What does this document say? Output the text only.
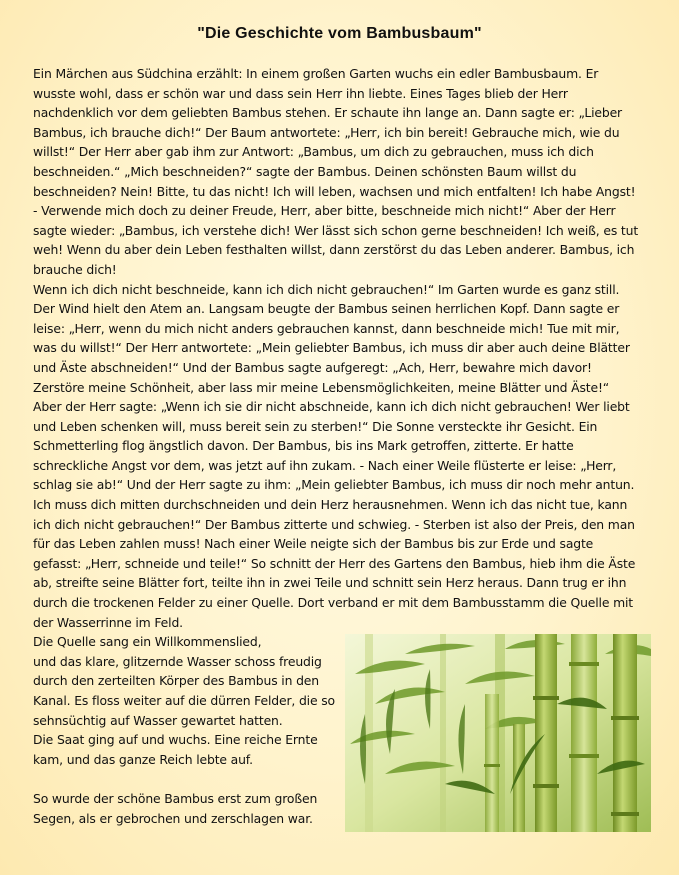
"Die Geschichte vom Bambusbaum"

Ein Märchen aus Südchina erzählt: In einem großen Garten wuchs ein edler Bambusbaum. Er wusste wohl, dass er schön war und dass sein Herr ihn liebte. Eines Tages blieb der Herr nachdenklich vor dem geliebten Bambus stehen. Er schaute ihn lange an. Dann sagte er: „Lieber Bambus, ich brauche dich!“ Der Baum antwortete: „Herr, ich bin bereit! Gebrauche mich, wie du willst!“ Der Herr aber gab ihm zur Antwort: „Bambus, um dich zu gebrauchen, muss ich dich beschneiden.“ „Mich beschneiden?“ sagte der Bambus. Deinen schönsten Baum willst du beschneiden? Nein! Bitte, tu das nicht! Ich will leben, wachsen und mich entfalten! Ich habe Angst! - Verwende mich doch zu deiner Freude, Herr, aber bitte, beschneide mich nicht!“ Aber der Herr sagte wieder: „Bambus, ich verstehe dich! Wer lässt sich schon gerne beschneiden! Ich weiß, es tut weh! Wenn du aber dein Leben festhalten willst, dann zerstörst du das Leben anderer. Bambus, ich brauche dich!

Wenn ich dich nicht beschneide, kann ich dich nicht gebrauchen!“ Im Garten wurde es ganz still. Der Wind hielt den Atem an. Langsam beugte der Bambus seinen herrlichen Kopf. Dann sagte er leise: „Herr, wenn du mich nicht anders gebrauchen kannst, dann beschneide mich! Tue mit mir, was du willst!“ Der Herr antwortete: „Mein geliebter Bambus, ich muss dir aber auch deine Blätter und Äste abschneiden!“ Und der Bambus sagte aufgeregt: „Ach, Herr, bewahre mich davor! Zerstöre meine Schönheit, aber lass mir meine Lebensmöglichkeiten, meine Blätter und Äste!“ Aber der Herr sagte: „Wenn ich sie dir nicht abschneide, kann ich dich nicht gebrauchen! Wer liebt und Leben schenken will, muss bereit sein zu sterben!“ Die Sonne versteckte ihr Gesicht. Ein Schmetterling flog ängstlich davon. Der Bambus, bis ins Mark getroffen, zitterte. Er hatte schreckliche Angst vor dem, was jetzt auf ihn zukam. - Nach einer Weile flüsterte er leise: „Herr, schlag sie ab!“ Und der Herr sagte zu ihm: „Mein geliebter Bambus, ich muss dir noch mehr antun. Ich muss dich mitten durchschneiden und dein Herz herausnehmen. Wenn ich das nicht tue, kann ich dich nicht gebrauchen!“ Der Bambus zitterte und schwieg. - Sterben ist also der Preis, den man für das Leben zahlen muss! Nach einer Weile neigte sich der Bambus bis zur Erde und sagte gefasst: „Herr, schneide und teile!“ So schnitt der Herr des Gartens den Bambus, hieb ihm die Äste ab, streifte seine Blätter fort, teilte ihn in zwei Teile und schnitt sein Herz heraus. Dann trug er ihn durch die trockenen Felder zu einer Quelle. Dort verband er mit dem Bambusstamm die Quelle mit der Wasserrinne im Feld.

Die Quelle sang ein Willkommenslied,

und das klare, glitzernde Wasser schoss freudig durch den zerteilten Körper des Bambus in den Kanal. Es floss weiter auf die dürren Felder, die so sehnsüchtig auf Wasser gewartet hatten.

Die Saat ging auf und wuchs. Eine reiche Ernte kam, und das ganze Reich lebte auf.

So wurde der schöne Bambus erst zum großen Segen, als er gebrochen und zerschlagen war.
